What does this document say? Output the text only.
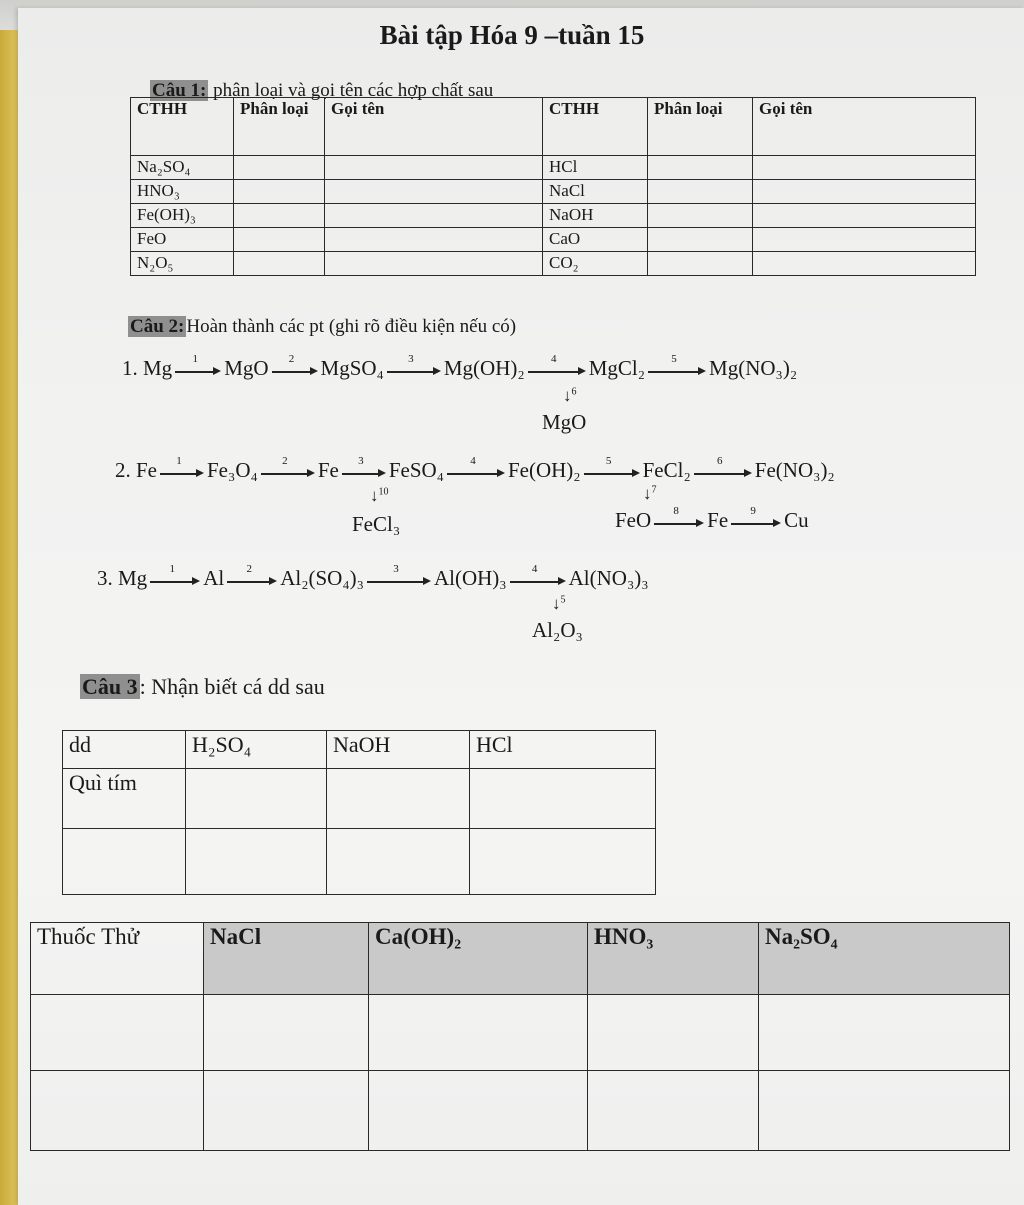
Bài tập Hóa 9 –tuần 15
Câu 1: phân loại và gọi tên các hợp chất sau
CTHH	Phân loại	Gọi tên	CTHH	Phân loại	Gọi tên
Na₂SO₄			HCl		
HNO₃			NaCl		
Fe(OH)₃			NaOH		
FeO			CaO		
N₂O₅			CO₂		
Câu 2: Hoàn thành các pt (ghi rõ điều kiện nếu có)
1. Mg	1	MgO	2	MgSO₄	3	Mg(OH)₂	4	MgCl₂	5	Mg(NO₃)₂
↓$^6$
MgO
2. Fe	1	Fe₃O₄	2	Fe	3	FeSO₄	4	Fe(OH)₂	5	FeCl₂	6	Fe(NO₃)₂
↓$^{10}$
FeCl₃
↓$^7$
FeO	8	Fe	9	Cu
3. Mg	1	Al	2	Al₂(SO₄)₃	3	Al(OH)₃	4	Al(NO₃)₃
↓$^5$
Al₂O₃
Câu 3: Nhận biết cá dd sau
dd	H₂SO₄	NaOH	HCl
Quì tím			

Thuốc Thử	NaCl	Ca(OH)₂	HNO₃	Na₂SO₄
